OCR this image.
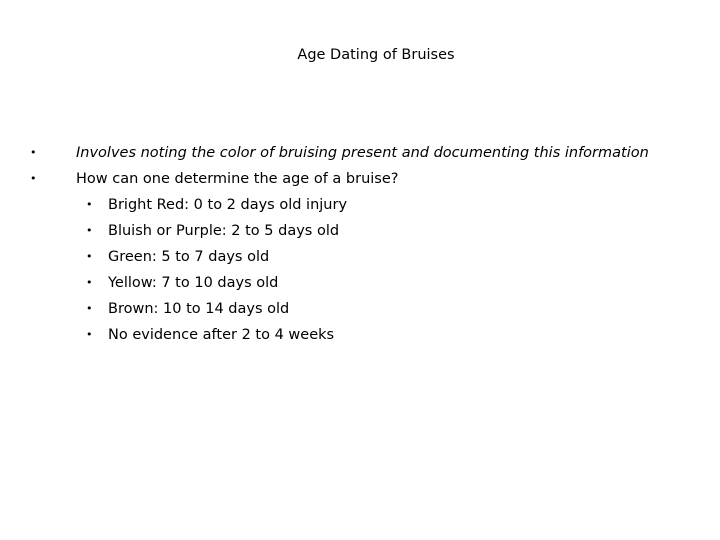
Age Dating of Bruises
•	Involves noting the color of bruising present and documenting this information
•	How can one determine the age of a bruise?
• Bright Red: 0 to 2 days old injury
• Bluish or Purple: 2 to 5 days old
• Green: 5 to 7 days old
• Yellow: 7 to 10 days old
• Brown: 10 to 14 days old
• No evidence after 2 to 4 weeks
